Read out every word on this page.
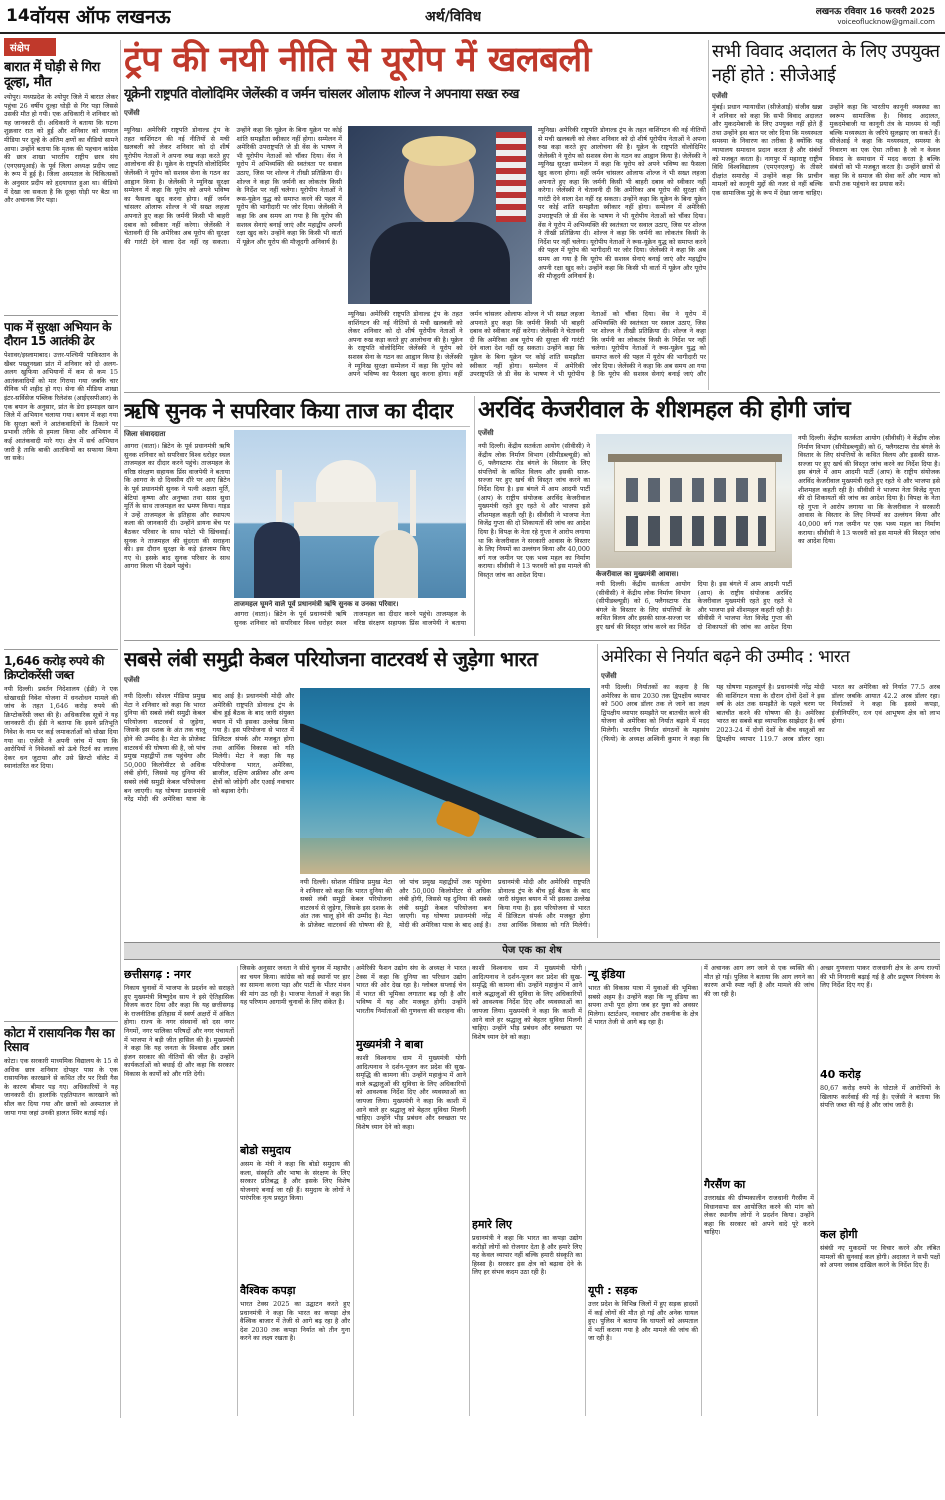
14 वॉयस ऑफ लखनऊ	अर्थ/विविध	लखनऊ रविवार 16 फरवरी 2025
voiceoflucknow@gmail.com
संक्षेप
बारात में घोड़ी से गिरा दूल्हा, मौत
श्योपुर। मध्यप्रदेश के श्योपुर जिले में बारात लेकर पहुंचा 26 वर्षीय दूल्हा घोड़ी से गिर पड़ा जिससे उसकी मौत हो गयी। एक अधिकारी ने शनिवार को यह जानकारी दी। अधिकारी ने बताया कि घटना शुक्रवार रात को हुई और शनिवार को वायरल मीडिया पर दूल्हे के अंतिम क्षणों का वीडियो सामने आया। उन्होंने बताया कि मृतक की पहचान कांग्रेस की छात्र शाखा भारतीय राष्ट्रीय छात्र संघ (एनएसयूआई) के पूर्व जिला अध्यक्ष प्रदीप जाट के रूप में हुई है। जिला अस्पताल के चिकित्सकों के अनुसार प्रदीप को हृदयाघात हुआ था। वीडियो में देखा जा सकता है कि दूल्हा घोड़ी पर बैठा था और अचानक गिर पड़ा।
पाक में सुरक्षा अभियान के दौरान 15 आतंकी ढेर
पेशावर/इस्लामाबाद। उत्तर-पश्चिमी पाकिस्तान के खैबर पख्तूनख्वा प्रांत में शनिवार को दो अलग-अलग खुफिया अभियानों में कम से कम 15 आतंकवादियों को मार गिराया गया जबकि चार सैनिक भी शहीद हो गए। सेना की मीडिया शाखा इंटर-सर्विसेज पब्लिक रिलेशंस (आईएसपीआर) के एक बयान के अनुसार, प्रांत के डेरा इस्माइल खान जिले में अभियान चलाया गया। बयान में कहा गया कि सुरक्षा बलों ने आतंकवादियों के ठिकाने पर प्रभावी तरीके से हमला किया और अभियान में कई आतंकवादी मारे गए। क्षेत्र में सर्च अभियान जारी है ताकि बाकी आतंकियों का सफाया किया जा सके।
1,646 करोड़ रुपये की क्रिप्टोकरेंसी जब्त
नयी दिल्ली। प्रवर्तन निदेशालय (ईडी) ने एक धोखाधड़ी निवेश योजना में धनशोधन मामले की जांच के तहत 1,646 करोड़ रुपये की क्रिप्टोकरेंसी जब्त की है। अधिकारिक सूत्रों ने यह जानकारी दी। ईडी ने बताया कि इसने प्रतिभूति निवेश के नाम पर कई जमाकर्ताओं को धोखा दिया गया था। एजेंसी ने अपनी जांच में पाया कि आरोपियों ने निवेशकों को ऊंचे रिटर्न का लालच देकर धन जुटाया और उसे क्रिप्टो वॉलेट में स्थानांतरित कर दिया।
कोटा में रासायनिक गैस का रिसाव
कोटा। एक सरकारी माध्यमिक विद्यालय के 15 से अधिक छात्र शनिवार दोपहर पास के एक रासायनिक कारखाने से कथित तौर पर रिसी गैस के कारण बीमार पड़ गए। अधिकारियों ने यह जानकारी दी। हालांकि एहतियातन कारखाने को सील कर दिया गया और छात्रों को अस्पताल ले जाया गया जहां उनकी हालत स्थिर बताई गई।
ट्रंप की नयी नीति से यूरोप में खलबली
यूक्रेनी राष्ट्रपति वोलोदिमिर जेलेंस्की व जर्मन चांसलर ओलाफ शोल्ज ने अपनाया सख्त रुख
एजेंसी
म्यूनिख। अमेरिकी राष्ट्रपति डोनाल्ड ट्रंप के तहत वाशिंगटन की नई नीतियों से मची खलबली को लेकर शनिवार को दो शीर्ष यूरोपीय नेताओं ने अपना रुख कड़ा करते हुए आलोचना की है। यूक्रेन के राष्ट्रपति वोलोदिमिर जेलेंस्की ने यूरोप को सशस्त्र सेना के गठन का आह्वान किया है। जेलेंस्की ने म्यूनिख सुरक्षा सम्मेलन में कहा कि यूरोप को अपने भविष्य का फैसला खुद करना होगा। वहीं जर्मन चांसलर ओलाफ शोल्ज ने भी सख्त लहजा अपनाते हुए कहा कि जर्मनी किसी भी बाहरी दबाव को स्वीकार नहीं करेगा। जेलेंस्की ने चेतावनी दी कि अमेरिका अब यूरोप की सुरक्षा की गारंटी देने वाला देश नहीं रह सकता। उन्होंने कहा कि यूक्रेन के बिना यूक्रेन पर कोई शांति समझौता स्वीकार नहीं होगा। सम्मेलन में अमेरिकी उपराष्ट्रपति जे डी वेंस के भाषण ने भी यूरोपीय नेताओं को चौंका दिया। वेंस ने यूरोप में अभिव्यक्ति की स्वतंत्रता पर सवाल उठाए, जिस पर शोल्ज ने तीखी प्रतिक्रिया दी। शोल्ज ने कहा कि जर्मनी का लोकतंत्र किसी के निर्देश पर नहीं चलेगा। यूरोपीय नेताओं ने रूस-यूक्रेन युद्ध को समाप्त करने की पहल में यूरोप की भागीदारी पर जोर दिया। जेलेंस्की ने कहा कि अब समय आ गया है कि यूरोप की सशस्त्र सेनाएं बनाई जाएं और महाद्वीप अपनी रक्षा खुद करे। उन्होंने कहा कि किसी भी वार्ता में यूक्रेन और यूरोप की मौजूदगी अनिवार्य है।
म्यूनिख। अमेरिकी राष्ट्रपति डोनाल्ड ट्रंप के तहत वाशिंगटन की नई नीतियों से मची खलबली को लेकर शनिवार को दो शीर्ष यूरोपीय नेताओं ने अपना रुख कड़ा करते हुए आलोचना की है। यूक्रेन के राष्ट्रपति वोलोदिमिर जेलेंस्की ने यूरोप को सशस्त्र सेना के गठन का आह्वान किया है। जेलेंस्की ने म्यूनिख सुरक्षा सम्मेलन में कहा कि यूरोप को अपने भविष्य का फैसला खुद करना होगा। वहीं जर्मन चांसलर ओलाफ शोल्ज ने भी सख्त लहजा अपनाते हुए कहा कि जर्मनी किसी भी बाहरी दबाव को स्वीकार नहीं करेगा। जेलेंस्की ने चेतावनी दी कि अमेरिका अब यूरोप की सुरक्षा की गारंटी देने वाला देश नहीं रह सकता। उन्होंने कहा कि यूक्रेन के बिना यूक्रेन पर कोई शांति समझौता स्वीकार नहीं होगा। सम्मेलन में अमेरिकी उपराष्ट्रपति जे डी वेंस के भाषण ने भी यूरोपीय नेताओं को चौंका दिया। वेंस ने यूरोप में अभिव्यक्ति की स्वतंत्रता पर सवाल उठाए, जिस पर शोल्ज ने तीखी प्रतिक्रिया दी। शोल्ज ने कहा कि जर्मनी का लोकतंत्र किसी के निर्देश पर नहीं चलेगा। यूरोपीय नेताओं ने रूस-यूक्रेन युद्ध को समाप्त करने की पहल में यूरोप की भागीदारी पर जोर दिया। जेलेंस्की ने कहा कि अब समय आ गया है कि यूरोप की सशस्त्र सेनाएं बनाई जाएं और
म्यूनिख। अमेरिकी राष्ट्रपति डोनाल्ड ट्रंप के तहत वाशिंगटन की नई नीतियों से मची खलबली को लेकर शनिवार को दो शीर्ष यूरोपीय नेताओं ने अपना रुख कड़ा करते हुए आलोचना की है। यूक्रेन के राष्ट्रपति वोलोदिमिर जेलेंस्की ने यूरोप को सशस्त्र सेना के गठन का आह्वान किया है। जेलेंस्की ने म्यूनिख सुरक्षा सम्मेलन में कहा कि यूरोप को अपने भविष्य का फैसला खुद करना होगा। वहीं जर्मन चांसलर ओलाफ शोल्ज ने भी सख्त लहजा अपनाते हुए कहा कि जर्मनी किसी भी बाहरी दबाव को स्वीकार नहीं करेगा। जेलेंस्की ने चेतावनी दी कि अमेरिका अब यूरोप की सुरक्षा की गारंटी देने वाला देश नहीं रह सकता। उन्होंने कहा कि यूक्रेन के बिना यूक्रेन पर कोई शांति समझौता स्वीकार नहीं होगा। सम्मेलन में अमेरिकी उपराष्ट्रपति जे डी वेंस के भाषण ने भी यूरोपीय नेताओं को चौंका दिया। वेंस ने यूरोप में अभिव्यक्ति की स्वतंत्रता पर सवाल उठाए, जिस पर शोल्ज ने तीखी प्रतिक्रिया दी। शोल्ज ने कहा कि जर्मनी का लोकतंत्र किसी के निर्देश पर नहीं चलेगा। यूरोपीय नेताओं ने रूस-यूक्रेन युद्ध को समाप्त करने की पहल में यूरोप की भागीदारी पर जोर दिया। जेलेंस्की ने कहा कि अब समय आ गया है कि यूरोप की सशस्त्र सेनाएं बनाई जाएं और महाद्वीप अपनी रक्षा खुद करे। उन्होंने कहा कि किसी भी वार्ता में यूक्रेन और यूरोप की मौजूदगी अनिवार्य है।
सभी विवाद अदालत के लिए उपयुक्त नहीं होते : सीजेआई
एजेंसी
मुंबई। प्रधान न्यायाधीश (सीजेआई) संजीव खन्ना ने शनिवार को कहा कि सभी विवाद अदालत और मुकदमेबाजी के लिए उपयुक्त नहीं होते हैं तथा उन्होंने इस बात पर जोर दिया कि मध्यस्थता समस्या के निवारण का तरीका है क्योंकि यह न्यायालय समाधान प्रदान करता है और संबंधों को मजबूत करता है। नागपुर में महाराष्ट्र राष्ट्रीय विधि विश्वविद्यालय (एमएनएलयू) के तीसरे दीक्षांत समारोह में उन्होंने कहा कि प्राचीन मामलों को कानूनी मुद्दों की नजर से नहीं बल्कि एक सामाजिक मुद्दे के रूप में देखा जाना चाहिए। उन्होंने कहा कि भारतीय कानूनी व्यवस्था का स्वरूप सामाजिक है। विवाद अदालत, मुकदमेबाजी या कानूनी तंत्र के माध्यम से नहीं बल्कि मध्यस्थता के जरिये सुलझाए जा सकते हैं। सीजेआई ने कहा कि मध्यस्थता, समस्या के निवारण का एक ऐसा तरीका है जो न केवल विवाद के समाधान में मदद करता है बल्कि संबंधों को भी मजबूत करता है। उन्होंने छात्रों से कहा कि वे समाज की सेवा करें और न्याय को सभी तक पहुंचाने का प्रयास करें।
ऋषि सुनक ने सपरिवार किया ताज का दीदार
जिला संवाददाता
आगरा (वाता)। ब्रिटेन के पूर्व प्रधानमंत्री ऋषि सुनक शनिवार को सपरिवार विश्व धरोहर स्थल ताजमहल का दीदार करने पहुंचे। ताजमहल के वरिष्ठ संरक्षण सहायक प्रिंस वाजपेयी ने बताया कि आगरा के दो दिवसीय दौरे पर आए ब्रिटेन के पूर्व प्रधानमंत्री सुनक ने पत्नी अक्षता मूर्ति, बेटियां कृष्णा और अनुष्का तथा सास सुधा मूर्ति के साथ ताजमहल का भ्रमण किया। गाइड ने उन्हें ताजमहल के इतिहास और स्थापत्य कला की जानकारी दी। उन्होंने डायना बेंच पर बैठकर परिवार के साथ फोटो भी खिंचवाई। सुनक ने ताजमहल की सुंदरता की सराहना की। इस दौरान सुरक्षा के कड़े इंतजाम किए गए थे। इसके बाद सुनक परिवार के साथ आगरा किला भी देखने पहुंचे।
ताजमहल घूमने वाले पूर्व प्रधानमंत्री ऋषि सुनक व उनका परिवार।
आगरा (वाता)। ब्रिटेन के पूर्व प्रधानमंत्री ऋषि सुनक शनिवार को सपरिवार विश्व धरोहर स्थल ताजमहल का दीदार करने पहुंचे। ताजमहल के वरिष्ठ संरक्षण सहायक प्रिंस वाजपेयी ने बताया
अरविंद केजरीवाल के शीशमहल की होगी जांच
एजेंसी
नयी दिल्ली। केंद्रीय सतर्कता आयोग (सीवीसी) ने केंद्रीय लोक निर्माण विभाग (सीपीडब्ल्यूडी) को 6, फ्लैगस्टाफ रोड बंगले के विस्तार के लिए संपत्तियों के कथित विलय और इसकी साज-सज्जा पर हुए खर्च की विस्तृत जांच करने का निर्देश दिया है। इस बंगले में आम आदमी पार्टी (आप) के राष्ट्रीय संयोजक अरविंद केजरीवाल मुख्यमंत्री रहते हुए रहते थे और भाजपा इसे शीशमहल कहती रही है। सीवीसी ने भाजपा नेता विजेंद्र गुप्ता की दो शिकायतों की जांच का आदेश दिया है। विपक्ष के नेता रहे गुप्ता ने आरोप लगाया था कि केजरीवाल ने सरकारी आवास के विस्तार के लिए नियमों का उल्लंघन किया और 40,000 वर्ग गज जमीन पर एक भव्य महल का निर्माण कराया। सीवीसी ने 13 फरवरी को इस मामले की विस्तृत जांच का आदेश दिया।	केजरीवाल का मुख्यमंत्री आवास।
नयी दिल्ली। केंद्रीय सतर्कता आयोग (सीवीसी) ने केंद्रीय लोक निर्माण विभाग (सीपीडब्ल्यूडी) को 6, फ्लैगस्टाफ रोड बंगले के विस्तार के लिए संपत्तियों के कथित विलय और इसकी साज-सज्जा पर हुए खर्च की विस्तृत जांच करने का निर्देश दिया है। इस बंगले में आम आदमी पार्टी (आप) के राष्ट्रीय संयोजक अरविंद केजरीवाल मुख्यमंत्री रहते हुए रहते थे और भाजपा इसे शीशमहल कहती रही है। सीवीसी ने भाजपा नेता विजेंद्र गुप्ता की दो शिकायतों की जांच का आदेश दिया
नयी दिल्ली। केंद्रीय सतर्कता आयोग (सीवीसी) ने केंद्रीय लोक निर्माण विभाग (सीपीडब्ल्यूडी) को 6, फ्लैगस्टाफ रोड बंगले के विस्तार के लिए संपत्तियों के कथित विलय और इसकी साज-सज्जा पर हुए खर्च की विस्तृत जांच करने का निर्देश दिया है। इस बंगले में आम आदमी पार्टी (आप) के राष्ट्रीय संयोजक अरविंद केजरीवाल मुख्यमंत्री रहते हुए रहते थे और भाजपा इसे शीशमहल कहती रही है। सीवीसी ने भाजपा नेता विजेंद्र गुप्ता की दो शिकायतों की जांच का आदेश दिया है। विपक्ष के नेता रहे गुप्ता ने आरोप लगाया था कि केजरीवाल ने सरकारी आवास के विस्तार के लिए नियमों का उल्लंघन किया और 40,000 वर्ग गज जमीन पर एक भव्य महल का निर्माण कराया। सीवीसी ने 13 फरवरी को इस मामले की विस्तृत जांच का आदेश दिया।
सबसे लंबी समुद्री केबल परियोजना वाटरवर्थ से जुड़ेगा भारत
एजेंसी
नयी दिल्ली। सोशल मीडिया प्रमुख मेटा ने शनिवार को कहा कि भारत दुनिया की सबसे लंबी समुद्री केबल परियोजना वाटरवर्थ से जुड़ेगा, जिसके इस दशक के अंत तक चालू होने की उम्मीद है। मेटा के प्रोजेक्ट वाटरवर्थ की घोषणा की है, जो पांच प्रमुख महाद्वीपों तक पहुंचेगा और 50,000 किलोमीटर से अधिक लंबी होगी, जिससे यह दुनिया की सबसे लंबी समुद्री केबल परियोजना बन जाएगी। यह घोषणा प्रधानमंत्री नरेंद्र मोदी की अमेरिका यात्रा के बाद आई है। प्रधानमंत्री मोदी और अमेरिकी राष्ट्रपति डोनाल्ड ट्रंप के बीच हुई बैठक के बाद जारी संयुक्त बयान में भी इसका उल्लेख किया गया है। इस परियोजना से भारत में डिजिटल संपर्क और मजबूत होगा तथा आर्थिक विकास को गति मिलेगी। मेटा ने कहा कि यह परियोजना भारत, अमेरिका, ब्राजील, दक्षिण अफ्रीका और अन्य क्षेत्रों को जोड़ेगी और एआई नवाचार को बढ़ावा देगी।
नयी दिल्ली। सोशल मीडिया प्रमुख मेटा ने शनिवार को कहा कि भारत दुनिया की सबसे लंबी समुद्री केबल परियोजना वाटरवर्थ से जुड़ेगा, जिसके इस दशक के अंत तक चालू होने की उम्मीद है। मेटा के प्रोजेक्ट वाटरवर्थ की घोषणा की है, जो पांच प्रमुख महाद्वीपों तक पहुंचेगा और 50,000 किलोमीटर से अधिक लंबी होगी, जिससे यह दुनिया की सबसे लंबी समुद्री केबल परियोजना बन जाएगी। यह घोषणा प्रधानमंत्री नरेंद्र मोदी की अमेरिका यात्रा के बाद आई है। प्रधानमंत्री मोदी और अमेरिकी राष्ट्रपति डोनाल्ड ट्रंप के बीच हुई बैठक के बाद जारी संयुक्त बयान में भी इसका उल्लेख किया गया है। इस परियोजना से भारत में डिजिटल संपर्क और मजबूत होगा तथा आर्थिक विकास को गति मिलेगी।
अमेरिका से निर्यात बढ़ने की उम्मीद : भारत
एजेंसी
नयी दिल्ली। निर्यातकों का कहना है कि अमेरिका के साथ 2030 तक द्विपक्षीय व्यापार को 500 अरब डॉलर तक ले जाने का लक्ष्य द्विपक्षीय व्यापार समझौते पर बातचीत करने की योजना से अमेरिका को निर्यात बढ़ाने में मदद मिलेगी। भारतीय निर्यात संगठनों के महासंघ (फियो) के अध्यक्ष अश्विनी कुमार ने कहा कि यह घोषणा महत्वपूर्ण है। प्रधानमंत्री नरेंद्र मोदी की वाशिंगटन यात्रा के दौरान दोनों देशों ने इस वर्ष के अंत तक समझौते के पहले चरण पर बातचीत करने की घोषणा की है। अमेरिका भारत का सबसे बड़ा व्यापारिक साझेदार है। वर्ष 2023-24 में दोनों देशों के बीच वस्तुओं का द्विपक्षीय व्यापार 119.7 अरब डॉलर रहा। भारत का अमेरिका को निर्यात 77.5 अरब डॉलर जबकि आयात 42.2 अरब डॉलर रहा। निर्यातकों ने कहा कि इससे कपड़ा, इंजीनियरिंग, रत्न एवं आभूषण क्षेत्र को लाभ होगा।
पेज एक का शेष
छत्तीसगढ़ : नगर
निकाय चुनावों में भाजपा के प्रदर्शन को सराहते हुए मुख्यमंत्री विष्णुदेव साय ने इसे ऐतिहासिक विजय करार दिया और कहा कि यह छत्तीसगढ़ के राजनीतिक इतिहास में स्वर्ण अक्षरों में अंकित होगा। राज्य के नगर संस्थानों को दस नगर निगमों, नगर पालिका परिषदों और नगर पंचायतों में भाजपा ने बड़ी जीत हासिल की है। मुख्यमंत्री ने कहा कि यह जनता के विश्वास और डबल इंजन सरकार की नीतियों की जीत है। उन्होंने कार्यकर्ताओं को बधाई दी और कहा कि सरकार विकास के कार्यों को और गति देगी।
जिसके अनुसार जनता ने सीधे चुनाव में महापौर का चयन किया। कांग्रेस को कई स्थानों पर हार का सामना करना पड़ा और पार्टी के भीतर मंथन की मांग उठ रही है। भाजपा नेताओं ने कहा कि यह परिणाम आगामी चुनावों के लिए संकेत है।
बोडो समुदाय
असम के मंत्री ने कहा कि बोडो समुदाय की कला, संस्कृति और भाषा के संरक्षण के लिए सरकार प्रतिबद्ध है और इसके लिए विशेष योजनाएं बनाई जा रही हैं। समुदाय के लोगों ने पारंपरिक नृत्य प्रस्तुत किया।
वैश्विक कपड़ा
भारत टेक्स 2025 का उद्घाटन करते हुए प्रधानमंत्री ने कहा कि भारत का कपड़ा क्षेत्र वैश्विक बाजार में तेजी से आगे बढ़ रहा है और देश 2030 तक कपड़ा निर्यात को तीन गुना करने का लक्ष्य रखता है।
अमेरिकी फैशन उद्योग संघ के अध्यक्ष ने भारत टेक्स में कहा कि दुनिया का परिधान उद्योग भारत की ओर देख रहा है। ग्लोबल सप्लाई चेन में भारत की भूमिका लगातार बढ़ रही है और भविष्य में यह और मजबूत होगी। उन्होंने भारतीय निर्माताओं की गुणवत्ता की सराहना की।
मुख्यमंत्री ने बाबा
काशी विश्वनाथ धाम में मुख्यमंत्री योगी आदित्यनाथ ने दर्शन-पूजन कर प्रदेश की सुख-समृद्धि की कामना की। उन्होंने महाकुंभ में आने वाले श्रद्धालुओं की सुविधा के लिए अधिकारियों को आवश्यक निर्देश दिए और व्यवस्थाओं का जायजा लिया। मुख्यमंत्री ने कहा कि काशी में आने वाले हर श्रद्धालु को बेहतर सुविधा मिलनी चाहिए। उन्होंने भीड़ प्रबंधन और स्वच्छता पर विशेष ध्यान देने को कहा।
काशी विश्वनाथ धाम में मुख्यमंत्री योगी आदित्यनाथ ने दर्शन-पूजन कर प्रदेश की सुख-समृद्धि की कामना की। उन्होंने महाकुंभ में आने वाले श्रद्धालुओं की सुविधा के लिए अधिकारियों को आवश्यक निर्देश दिए और व्यवस्थाओं का जायजा लिया। मुख्यमंत्री ने कहा कि काशी में आने वाले हर श्रद्धालु को बेहतर सुविधा मिलनी चाहिए। उन्होंने भीड़ प्रबंधन और स्वच्छता पर विशेष ध्यान देने को कहा।
हमारे लिए
प्रधानमंत्री ने कहा कि भारत का कपड़ा उद्योग करोड़ों लोगों को रोजगार देता है और हमारे लिए यह केवल व्यापार नहीं बल्कि हमारी संस्कृति का हिस्सा है। सरकार इस क्षेत्र को बढ़ावा देने के लिए हर संभव कदम उठा रही है।
न्यू इंडिया
भारत की विकास यात्रा में युवाओं की भूमिका सबसे अहम है। उन्होंने कहा कि न्यू इंडिया का सपना तभी पूरा होगा जब हर युवा को अवसर मिलेगा। स्टार्टअप, नवाचार और तकनीक के क्षेत्र में भारत तेजी से आगे बढ़ रहा है।
यूपी : सड़क
उत्तर प्रदेश के विभिन्न जिलों में हुए सड़क हादसों में कई लोगों की मौत हो गई और अनेक घायल हुए। पुलिस ने बताया कि घायलों को अस्पताल में भर्ती कराया गया है और मामले की जांच की जा रही है।
में अचानक आग लग जाने से एक व्यक्ति की मौत हो गई। पुलिस ने बताया कि आग लगने का कारण अभी स्पष्ट नहीं है और मामले की जांच की जा रही है।
गैरसैंण का
उत्तराखंड की ग्रीष्मकालीन राजधानी गैरसैंण में विधानसभा सत्र आयोजित करने की मांग को लेकर स्थानीय लोगों ने प्रदर्शन किया। उन्होंने कहा कि सरकार को अपने वादे पूरे करने चाहिए।
अच्छा गुणवत्ता पाकर राजधानी क्षेत्र के अन्य राज्यों की भी निगरानी बढ़ाई गई है और प्रदूषण नियंत्रण के लिए निर्देश दिए गए हैं।
40 करोड़
80,67 करोड़ रुपये के घोटाले में आरोपियों के खिलाफ कार्रवाई की गई है। एजेंसी ने बताया कि संपत्ति जब्त की गई है और जांच जारी है।
कल होगी
संबंधी नए मुकदमों पर विचार करने और लंबित मामलों की सुनवाई कल होगी। अदालत ने सभी पक्षों को अपना जवाब दाखिल करने के निर्देश दिए हैं।
